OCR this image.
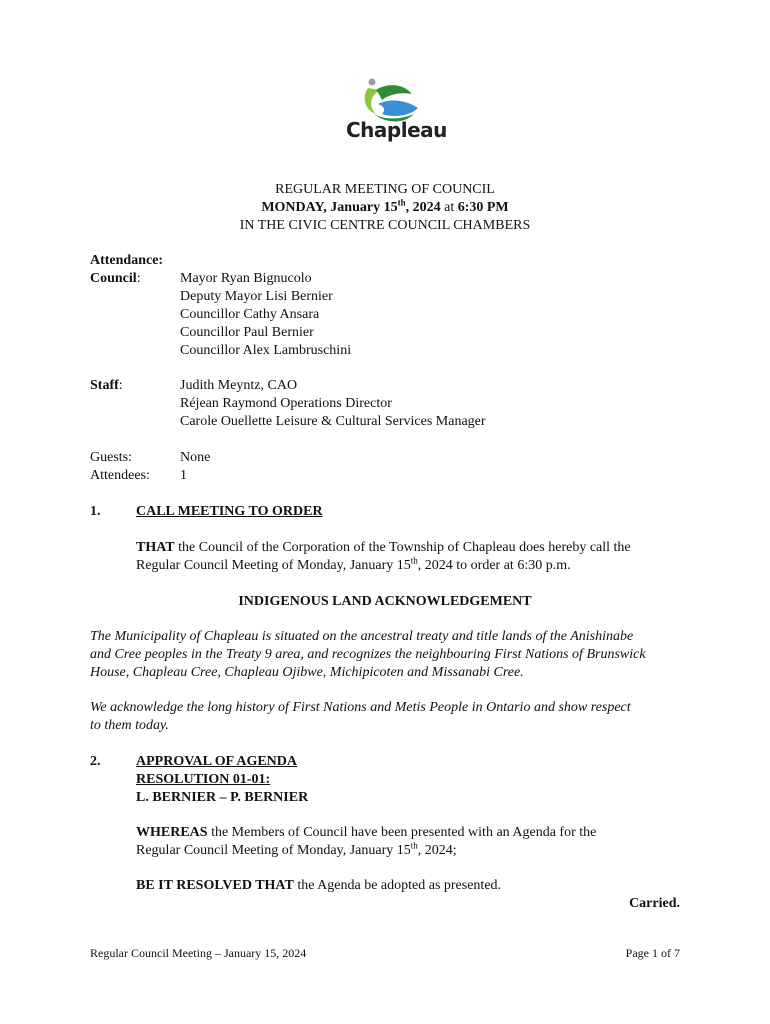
Chapleau
REGULAR MEETING OF COUNCIL
MONDAY, January 15th, 2024 at 6:30 PM
IN THE CIVIC CENTRE COUNCIL CHAMBERS
Attendance:
Council:	Mayor Ryan Bignucolo
Deputy Mayor Lisi Bernier
Councillor Cathy Ansara
Councillor Paul Bernier
Councillor Alex Lambruschini
Staff:	Judith Meyntz, CAO
Réjean Raymond Operations Director
Carole Ouellette Leisure & Cultural Services Manager
Guests:	None
Attendees: 1
1.	CALL MEETING TO ORDER
THAT the Council of the Corporation of the Township of Chapleau does hereby call the
Regular Council Meeting of Monday, January 15th, 2024 to order at 6:30 p.m.
INDIGENOUS LAND ACKNOWLEDGEMENT
The Municipality of Chapleau is situated on the ancestral treaty and title lands of the Anishinabe
and Cree peoples in the Treaty 9 area, and recognizes the neighbouring First Nations of Brunswick
House, Chapleau Cree, Chapleau Ojibwe, Michipicoten and Missanabi Cree.
We acknowledge the long history of First Nations and Metis People in Ontario and show respect
to them today.
2.	APPROVAL OF AGENDA
RESOLUTION 01-01:
L. BERNIER – P. BERNIER
WHEREAS the Members of Council have been presented with an Agenda for the
Regular Council Meeting of Monday, January 15th, 2024;
BE IT RESOLVED THAT the Agenda be adopted as presented.
Carried.
Regular Council Meeting – January 15, 2024	Page 1 of 7
